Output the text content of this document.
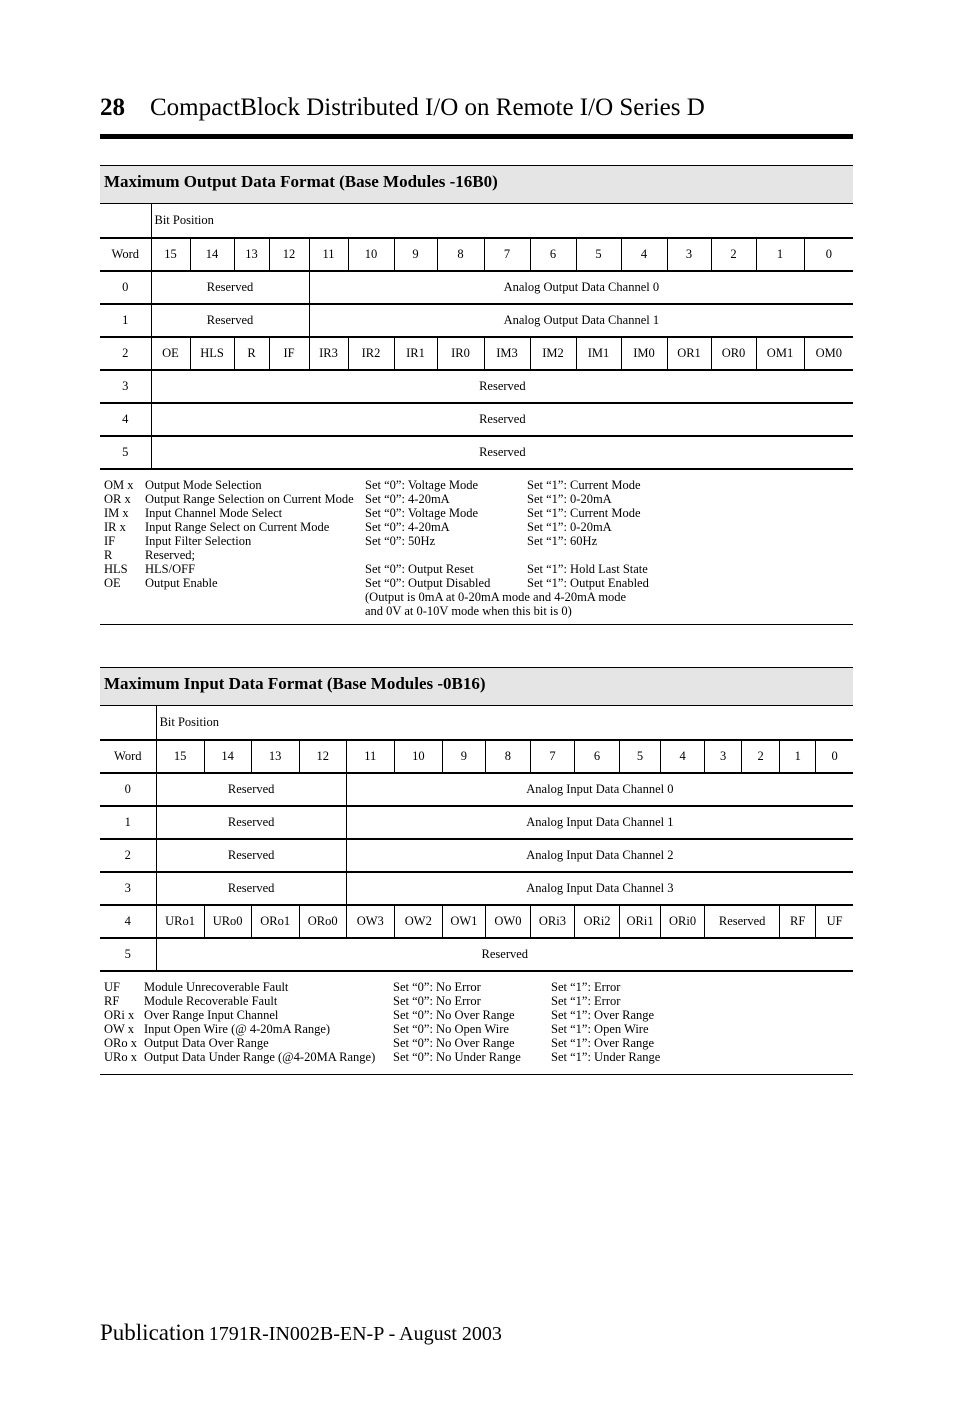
28 CompactBlock Distributed I/O on Remote I/O Series D
Maximum Output Data Format (Base Modules -16B0)
	Bit Position															
Word	15	14	13	12	11	10	9	8	7	6	5	4	3	2	1	0
0	Reserved				Analog Output Data Channel 0											
1	Reserved				Analog Output Data Channel 1											
2	OE	HLS	R	IF	IR3	IR2	IR1	IR0	IM3	IM2	IM1	IM0	OR1	OR0	OM1	OM0
3	Reserved															
4	Reserved															
5	Reserved															
OM x Output Mode Selection	Set “0”: Voltage Mode	Set “1”: Current Mode
OR x Output Range Selection on Current Mode Set “0”: 4-20mA	Set “1”: 0-20mA
IM x Input Channel Mode Select	Set “0”: Voltage Mode	Set “1”: Current Mode
IR x Input Range Select on Current Mode	Set “0”: 4-20mA	Set “1”: 0-20mA
IF Input Filter Selection	Set “0”: 50Hz	Set “1”: 60Hz
R	Reserved;
HLS HLS/OFF	Set “0”: Output Reset	Set “1”: Hold Last State
OE Output Enable	Set “0”: Output Disabled	Set “1”: Output Enabled
(Output is 0mA at 0-20mA mode and 4-20mA mode
and 0V at 0-10V mode when this bit is 0)
Maximum Input Data Format (Base Modules -0B16)
	Bit Position															
Word	15	14	13	12	11	10	9	8	7	6	5	4	3	2	1	0
0	Reserved				Analog Input Data Channel 0											
1	Reserved				Analog Input Data Channel 1											
2	Reserved				Analog Input Data Channel 2											
3	Reserved				Analog Input Data Channel 3											
4	URo1	URo0	ORo1	ORo0	OW3	OW2	OW1	OW0	ORi3	ORi2	ORi1	ORi0	Reserved		RF	UF
5	Reserved															
UF Module Unrecoverable Fault	Set “0”: No Error	Set “1”: Error
RF Module Recoverable Fault	Set “0”: No Error	Set “1”: Error
ORi x Over Range Input Channel	Set “0”: No Over Range	Set “1”: Over Range
OW x Input Open Wire (@ 4-20mA Range)	Set “0”: No Open Wire	Set “1”: Open Wire
ORo x Output Data Over Range	Set “0”: No Over Range	Set “1”: Over Range
URo x Output Data Under Range (@4-20MA Range) Set “0”: No Under Range Set “1”: Under Range
Publication 1791R-IN002B-EN-P - August 2003
